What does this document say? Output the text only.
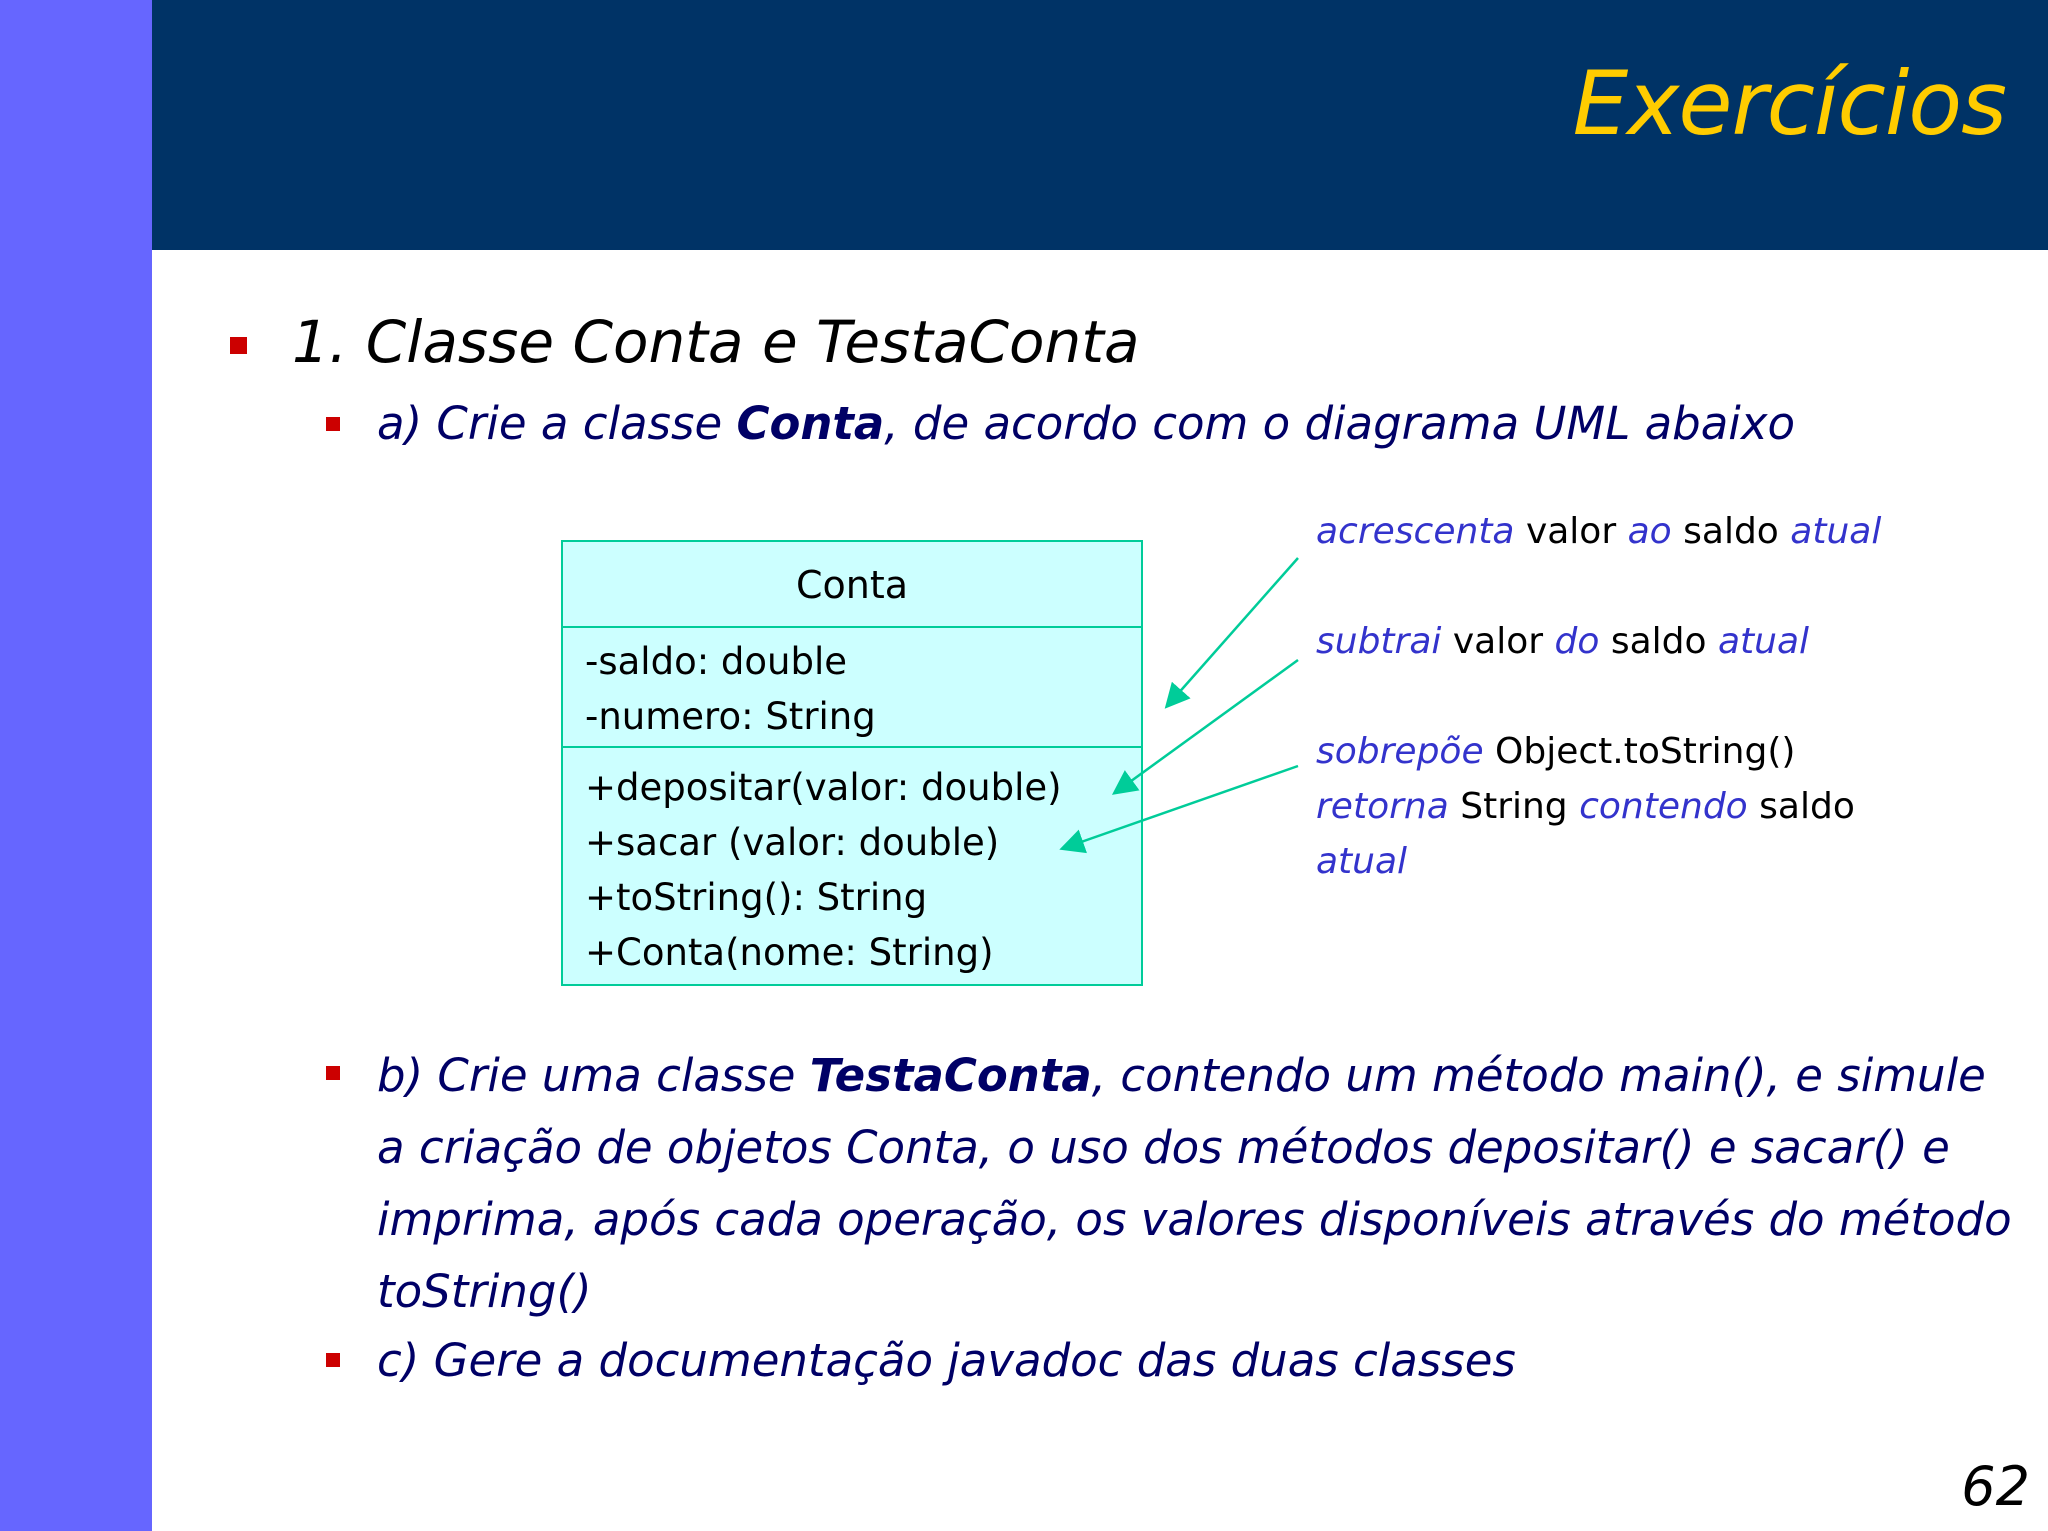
Exercícios
1. Classe Conta e TestaConta
a) Crie a classe Conta, de acordo com o diagrama UML abaixo
Conta
-saldo: double
-numero: String
+depositar(valor: double)
+sacar (valor: double)
+toString(): String
+Conta(nome: String)
acrescenta valor ao saldo atual
subtrai valor do saldo atual
sobrepõe Object.toString()
retorna String contendo saldo
atual
b) Crie uma classe TestaConta, contendo um método main(), e simule a criação de objetos Conta, o uso dos métodos depositar() e sacar() e imprima, após cada operação, os valores disponíveis através do método toString()
c) Gere a documentação javadoc das duas classes
62
